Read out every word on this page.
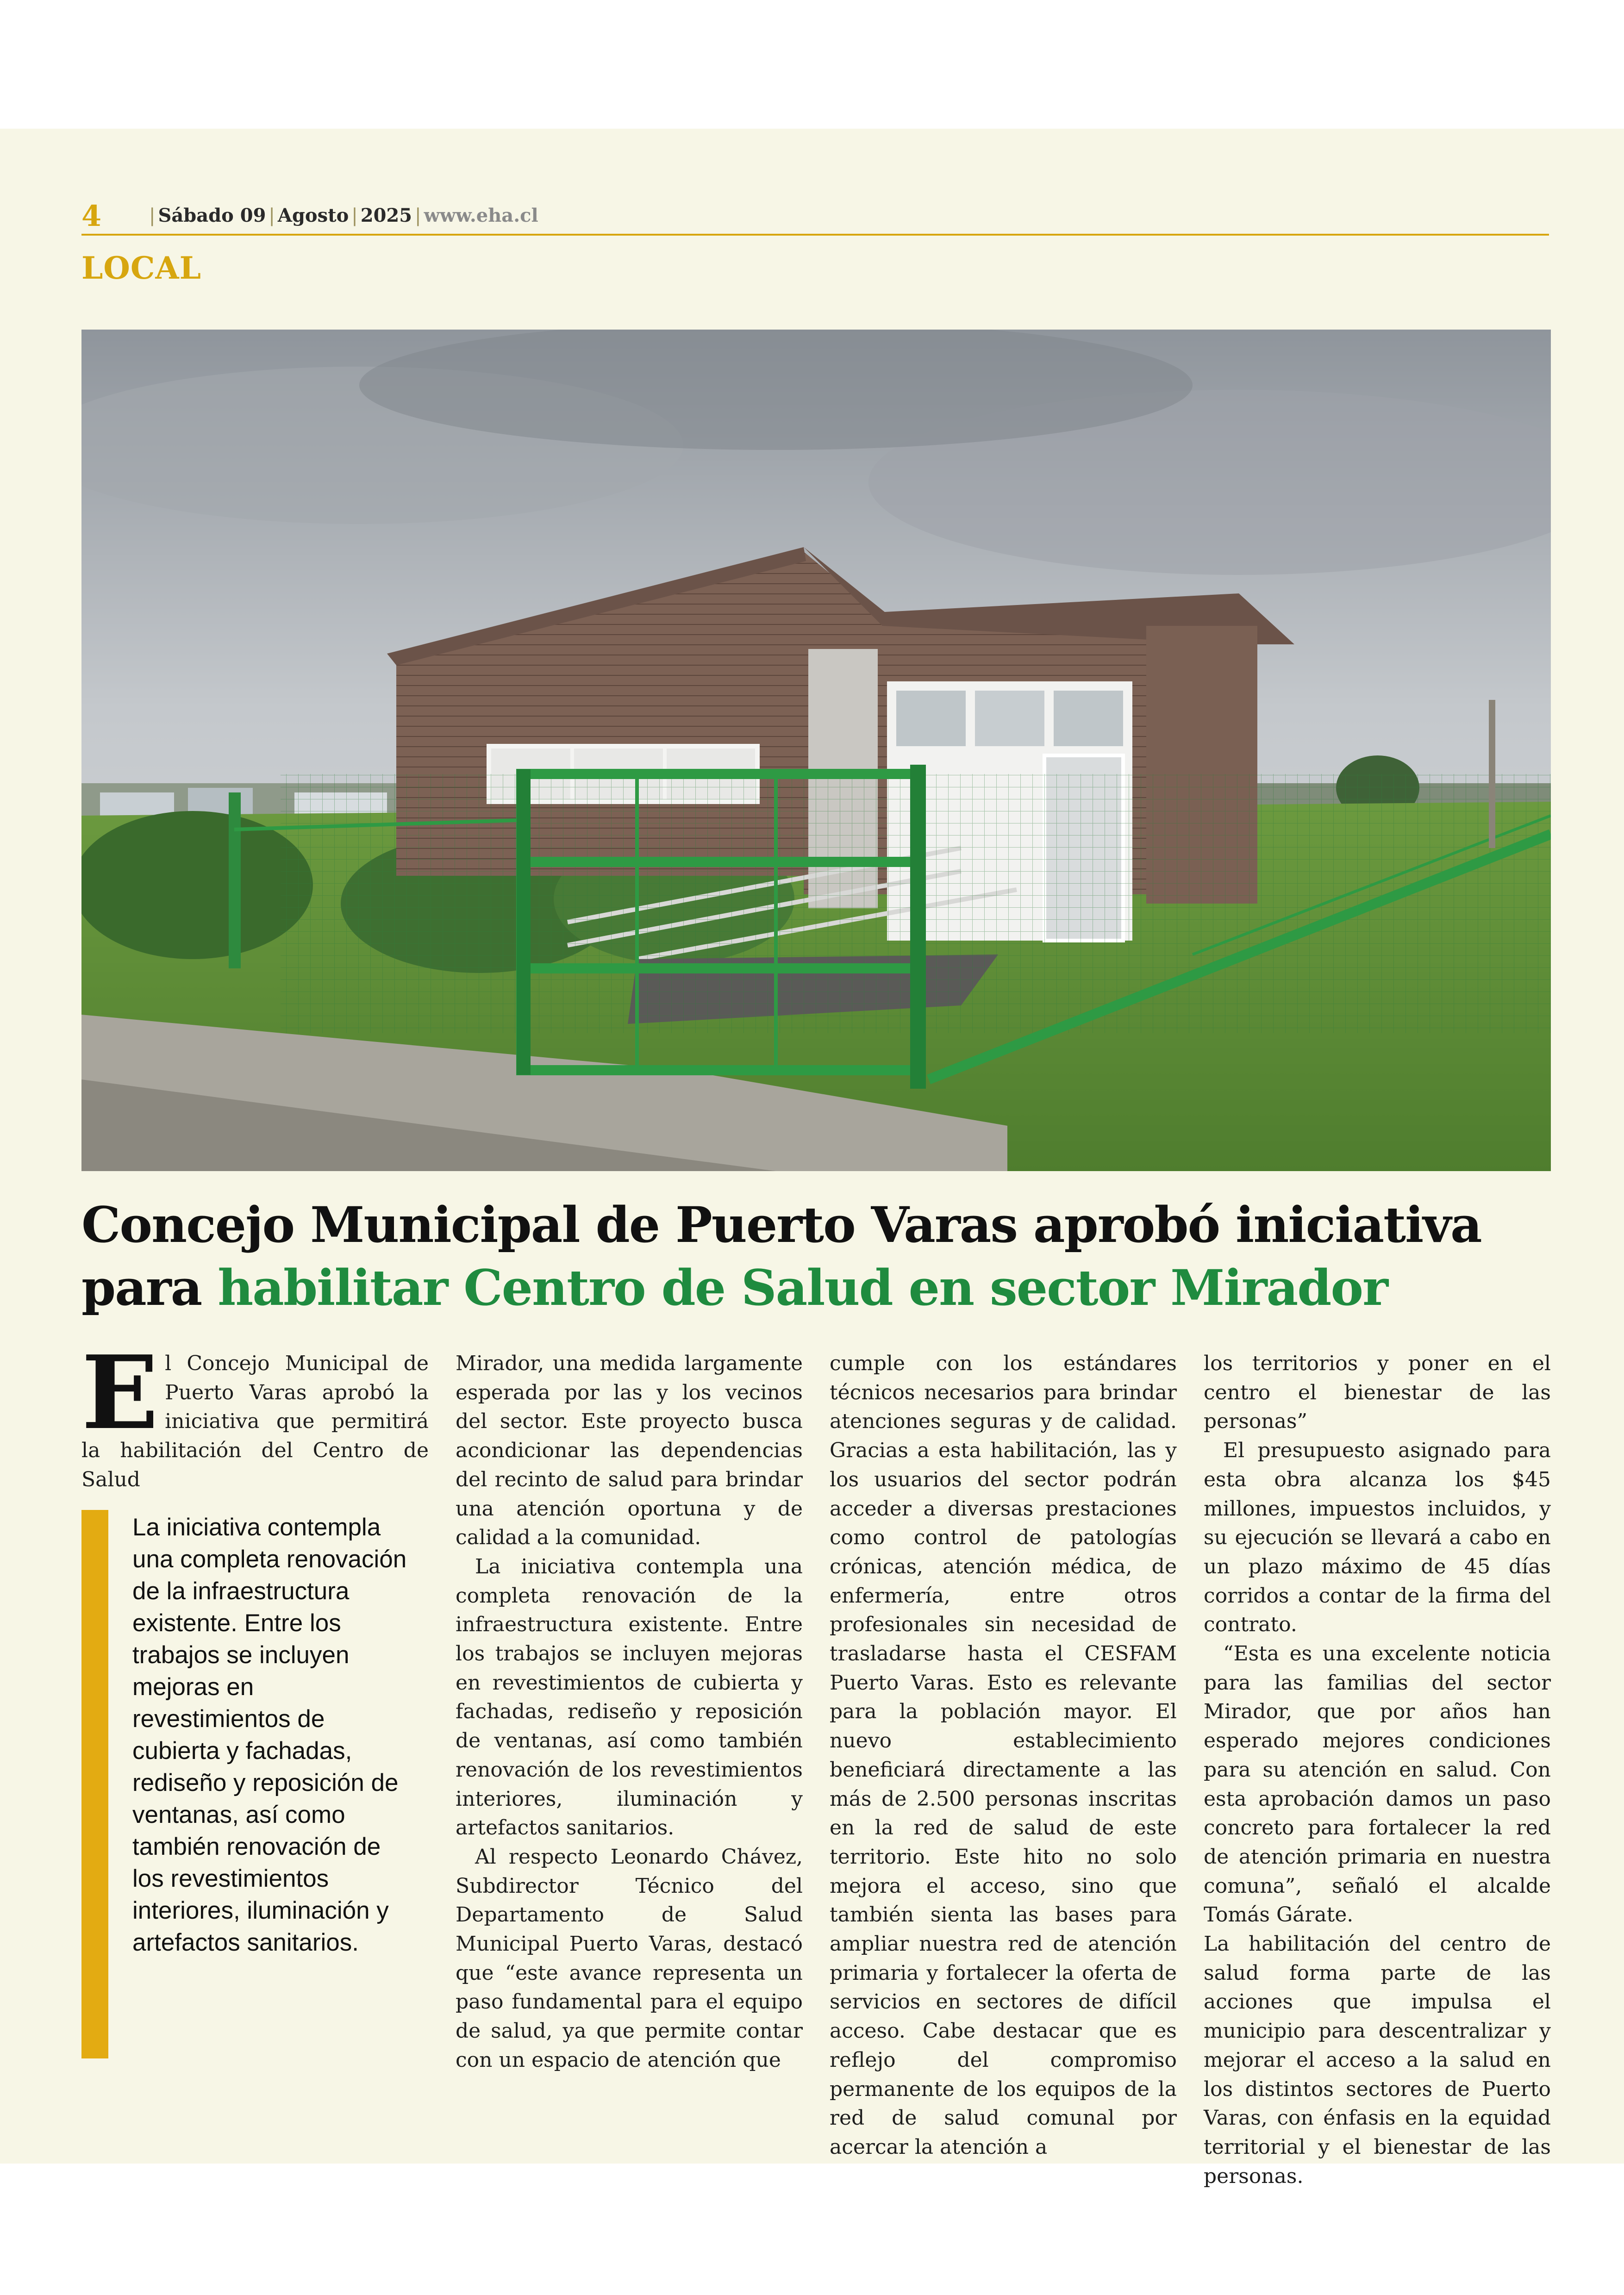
4	| Sábado 09 | Agosto | 2025 | www.eha.cl
LOCAL
Concejo Municipal de Puerto Varas aprobó iniciativa
para habilitar Centro de Salud en sector Mirador
E l Concejo Municipal de Puerto Varas aprobó la iniciativa que permitirá la habilitación del Centro de Salud

La iniciativa contempla una completa renovación de la infraestructura existente. Entre los trabajos se incluyen mejoras en revestimientos de cubierta y fachadas, rediseño y reposición de ventanas, así como también renovación de los revestimientos interiores, iluminación y artefactos sanitarios.

Mirador, una medida largamente esperada por las y los vecinos del sector. Este proyecto busca acondicionar las dependencias del recinto de salud para brindar una atención oportuna y de calidad a la comunidad.

La iniciativa contempla una completa renovación de la infraestructura existente. Entre los trabajos se incluyen mejoras en revestimientos de cubierta y fachadas, rediseño y reposición de ventanas, así como también renovación de los revestimientos interiores, iluminación y artefactos sanitarios.

Al respecto Leonardo Chávez, Subdirector Técnico del Departamento de Salud Municipal Puerto Varas, destacó que “este avance representa un paso fundamental para el equipo de salud, ya que permite contar con un espacio de atención que

cumple con los estándares técnicos necesarios para brindar atenciones seguras y de calidad. Gracias a esta habilitación, las y los usuarios del sector podrán acceder a diversas prestaciones como control de patologías crónicas, atención médica, de enfermería, entre otros profesionales sin necesidad de trasladarse hasta el CESFAM Puerto Varas. Esto es relevante para la población mayor. El nuevo establecimiento beneficiará directamente a las más de 2.500 personas inscritas en la red de salud de este territorio. Este hito no solo mejora el acceso, sino que también sienta las bases para ampliar nuestra red de atención primaria y fortalecer la oferta de servicios en sectores de difícil acceso. Cabe destacar que es reflejo del compromiso permanente de los equipos de la red de salud comunal por acercar la atención a

los territorios y poner en el centro el bienestar de las personas”

El presupuesto asignado para esta obra alcanza los $45 millones, impuestos incluidos, y su ejecución se llevará a cabo en un plazo máximo de 45 días corridos a contar de la firma del contrato.

“Esta es una excelente noticia para las familias del sector Mirador, que por años han esperado mejores condiciones para su atención en salud. Con esta aprobación damos un paso concreto para fortalecer la red de atención primaria en nuestra comuna”, señaló el alcalde Tomás Gárate.

La habilitación del centro de salud forma parte de las acciones que impulsa el municipio para descentralizar y mejorar el acceso a la salud en los distintos sectores de Puerto Varas, con énfasis en la equidad territorial y el bienestar de las personas.
